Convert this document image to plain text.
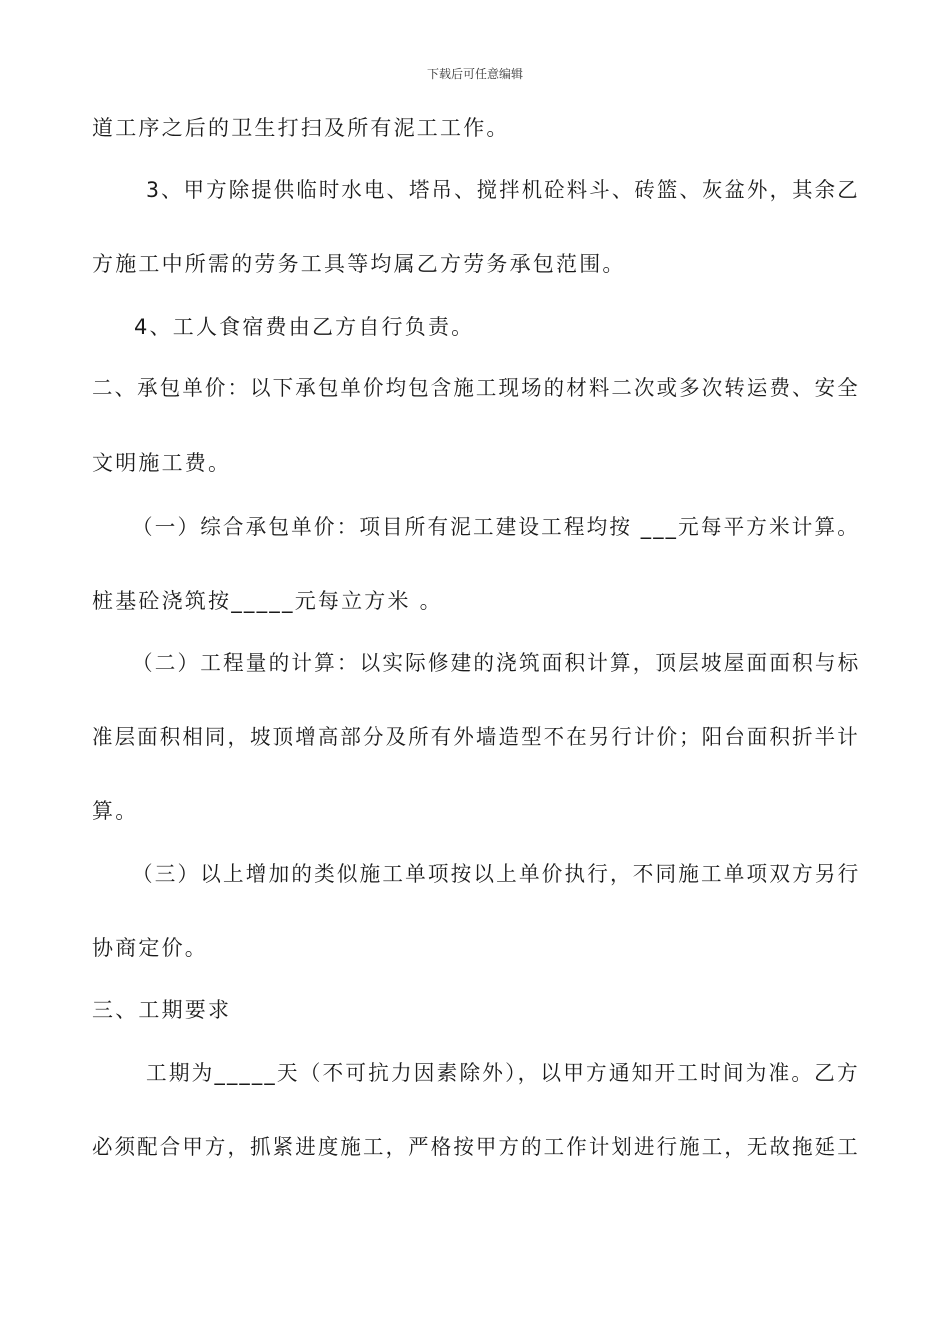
下载后可任意编辑
道工序之后的卫生打扫及所有泥工工作。
3、甲方除提供临时水电、塔吊、搅拌机砼料斗、砖篮、灰盆外，其余乙
方施工中所需的劳务工具等均属乙方劳务承包范围。
4、工人食宿费由乙方自行负责。
二、承包单价：以下承包单价均包含施工现场的材料二次或多次转运费、安全
文明施工费。
（一）综合承包单价：项目所有泥工建设工程均按 ___元每平方米计算。
桩基砼浇筑按_____元每立方米 。
（二）工程量的计算：以实际修建的浇筑面积计算，顶层坡屋面面积与标
准层面积相同，坡顶增高部分及所有外墙造型不在另行计价；阳台面积折半计
算。
（三）以上增加的类似施工单项按以上单价执行，不同施工单项双方另行
协商定价。
三、工期要求
工期为_____天（不可抗力因素除外），以甲方通知开工时间为准。乙方
必须配合甲方，抓紧进度施工，严格按甲方的工作计划进行施工，无故拖延工
